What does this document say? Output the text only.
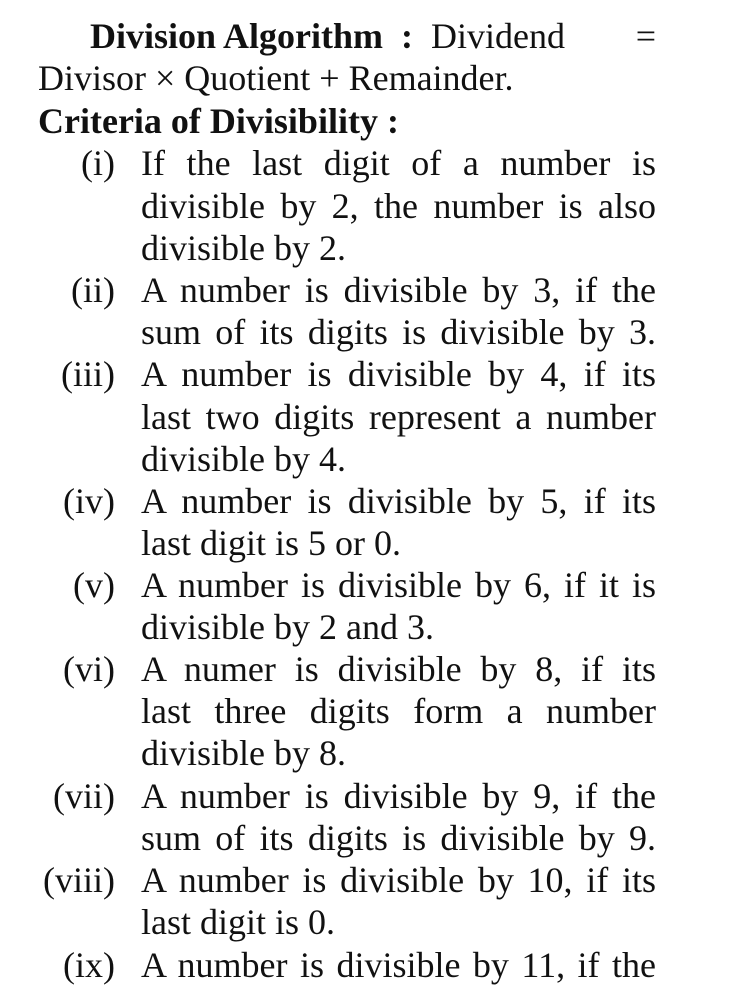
Division Algorithm : Dividend =
Divisor × Quotient + Remainder.
Criteria of Divisibility :
(i) If the last digit of a number is
divisible by 2, the number is also
divisible by 2.
(ii) A number is divisible by 3, if the
sum of its digits is divisible by 3.
(iii) A number is divisible by 4, if its
last two digits represent a number
divisible by 4.
(iv) A number is divisible by 5, if its
last digit is 5 or 0.
(v) A number is divisible by 6, if it is
divisible by 2 and 3.
(vi) A numer is divisible by 8, if its
last three digits form a number
divisible by 8.
(vii) A number is divisible by 9, if the
sum of its digits is divisible by 9.
(viii) A number is divisible by 10, if its
last digit is 0.
(ix) A number is divisible by 11, if the
